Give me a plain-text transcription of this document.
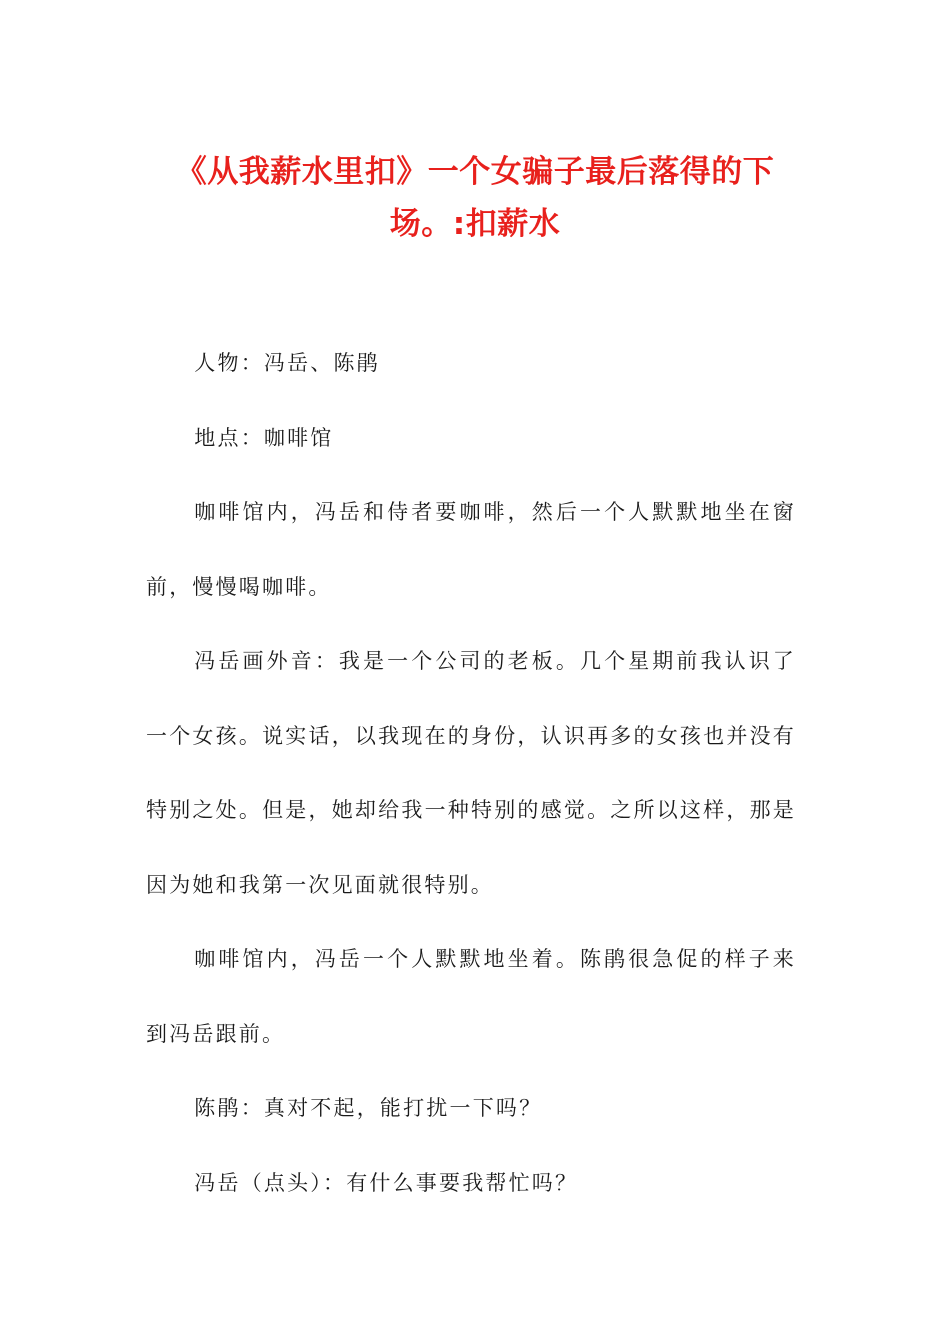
《从我薪水里扣》一个女骗子最后落得的下场。:扣薪水

人物：冯岳、陈鹃

地点：咖啡馆

咖啡馆内，冯岳和侍者要咖啡，然后一个人默默地坐在窗前，慢慢喝咖啡。

冯岳画外音：我是一个公司的老板。几个星期前我认识了一个女孩。说实话，以我现在的身份，认识再多的女孩也并没有特别之处。但是，她却给我一种特别的感觉。之所以这样，那是因为她和我第一次见面就很特别。

咖啡馆内，冯岳一个人默默地坐着。陈鹃很急促的样子来到冯岳跟前。

陈鹃：真对不起，能打扰一下吗？

冯岳（点头）：有什么事要我帮忙吗？
